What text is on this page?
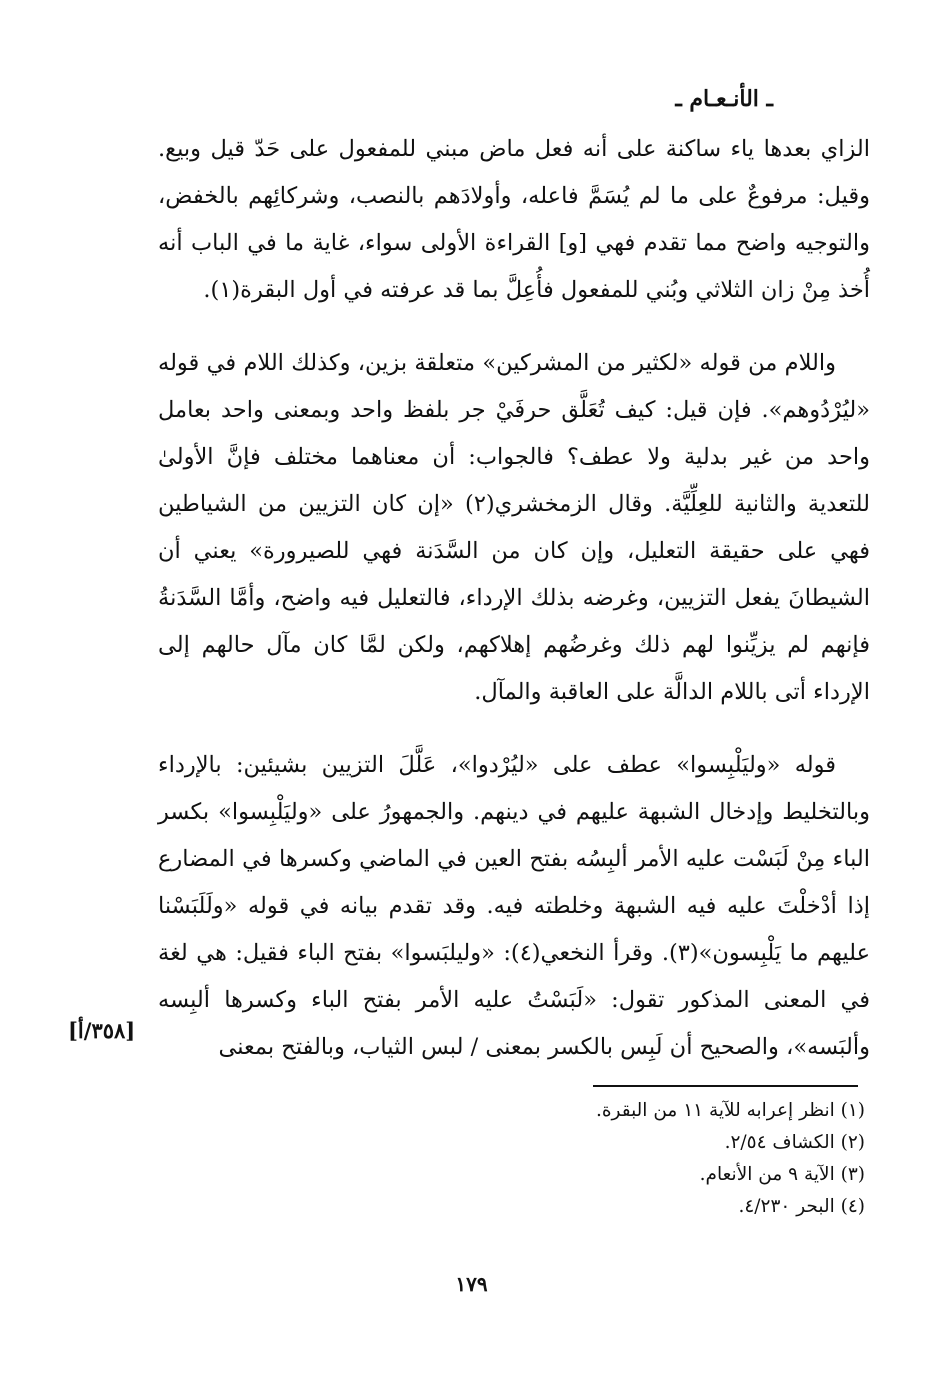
ـ الأنـعـام ـ

الزاي بعدها ياء ساكنة على أنه فعل ماض مبني للمفعول على حَدّ قيل وبيع. وقيل: مرفوعٌ على ما لم يُسَمَّ فاعله، وأولادَهم بالنصب، وشركائِهم بالخفض، والتوجيه واضح مما تقدم فهي [و] القراءة الأولى سواء، غاية ما في الباب أنه أُخذ مِنْ زان الثلاثي وبُني للمفعول فأُعِلَّ بما قد عرفته في أول البقرة(١).

واللام من قوله «لكثير من المشركين» متعلقة بزين، وكذلك اللام في قوله «ليُرْدُوهم». فإن قيل: كيف تُعَلَّق حرفَيْ جر بلفظ واحد وبمعنى واحد بعامل واحد من غير بدلية ولا عطف؟ فالجواب: أن معناهما مختلف فإنَّ الأولىٰ للتعدية والثانية للعِلِّيَّة. وقال الزمخشري(٢) «إن كان التزيين من الشياطين فهي على حقيقة التعليل، وإن كان من السَّدَنة فهي للصيرورة» يعني أن الشيطانَ يفعل التزيين، وغرضه بذلك الإرداء، فالتعليل فيه واضح، وأمَّا السَّدَنةُ فإنهم لم يزيِّنوا لهم ذلك وغرضُهم إهلاكهم، ولكن لمَّا كان مآل حالهم إلى الإرداء أتى باللام الدالَّة على العاقبة والمآل.

قوله «وليَلْبِسوا» عطف على «ليُرْدوا»، عَلَّلَ التزيين بشيئين: بالإرداء وبالتخليط وإدخال الشبهة عليهم في دينهم. والجمهورُ على «وليَلْبِسوا» بكسر الباء مِنْ لَبَسْت عليه الأمر ألبِسُه بفتح العين في الماضي وكسرها في المضارع إذا أدْخلْتَ عليه فيه الشبهة وخلطته فيه. وقد تقدم بيانه في قوله «ولَلَبَسْنا عليهم ما يَلْبِسون»(٣). وقرأ النخعي(٤): «وليلبَسوا» بفتح الباء فقيل: هي لغة في المعنى المذكور تقول: «لَبَسْتُ عليه الأمر بفتح الباء وكسرها ألبِسه وألبَسه»، والصحيح أن لَبِس بالكسر بمعنى / لبس الثياب، وبالفتح بمعنى

[٣٥٨/أ]
(١) انظر إعرابه للآية ١١ من البقرة.
(٢) الكشاف ٢/٥٤.
(٣) الآية ٩ من الأنعام.
(٤) البحر ٤/٢٣٠.
١٧٩
